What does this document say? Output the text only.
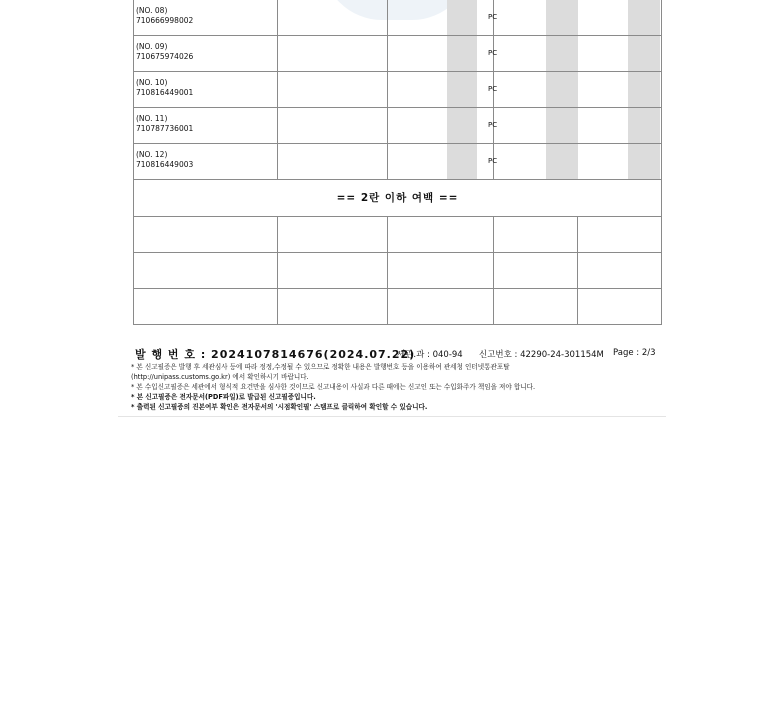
(NO. 08)
710666998002			PC	

(NO. 09)
710675974026			PC	

(NO. 10)
710816449001			PC	

(NO. 11)
710787736001			PC	

(NO. 12)
710816449003			PC	

== 2란 이하 여백 ==				

발 행 번 호 : 2024107814676(2024.07.22)
세관.과 : 040-94 신고번호 : 42290-24-301154M Page : 2/3
* 본 신고필증은 발행 후 세관심사 등에 따라 정정,수정될 수 있으므로 정확한 내용은 발행번호 등을 이용하여 관세청 인터넷통관포탈
(http://unipass.customs.go.kr) 에서 확인하시기 바랍니다.
* 본 수입신고필증은 세관에서 형식적 요건만을 심사한 것이므로 신고내용이 사실과 다른 때에는 신고인 또는 수입화주가 책임을 져야 합니다.
* 본 신고필증은 전자문서(PDF파일)로 발급된 신고필증입니다.
* 출력된 신고필증의 진본여부 확인은 전자문서의 '시점확인필' 스탬프로 클릭하여 확인할 수 있습니다.
